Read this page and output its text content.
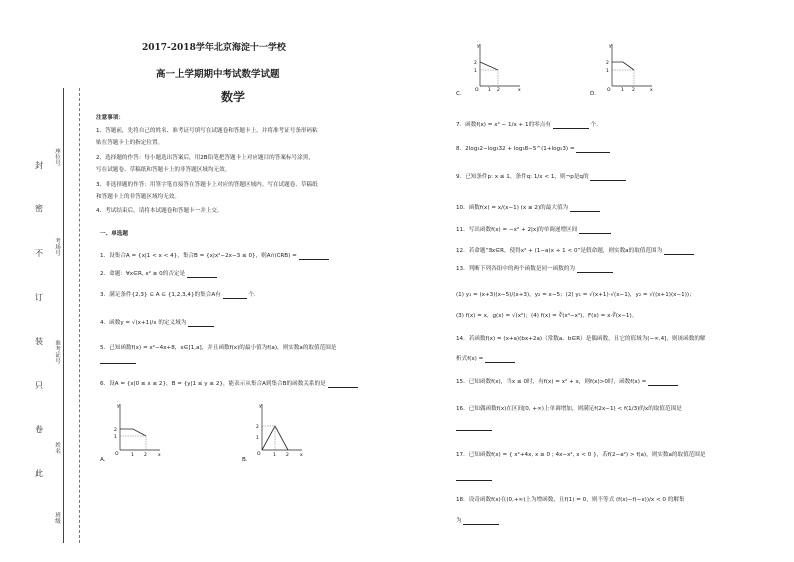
封
密
不
订
装
只
卷
此
座位号
考场号
准考证号
姓名
班级
2017-2018学年北京海淀十一学校
高一上学期期中考试数学试题
数学
注意事项：
1、答题前，先将自己的姓名、准考证号填写在试题卷和答题卡上，并将准考证号条形码粘
贴在答题卡上的指定位置。
2、选择题的作答：每小题选出答案后，用2B铅笔把答题卡上对应题目的答案标号涂黑，
写在试题卷、草稿纸和答题卡上的非答题区域均无效。
3、非选择题的作答：用签字笔直接答在答题卡上对应的答题区域内。写在试题卷、草稿纸
和答题卡上的非答题区域均无效。
4、考试结束后，请将本试题卷和答题卡一并上交。
一、单选题
1．设集合A = {x|1 < x < 4}，集合B = {x|x²−2x−3 ≤ 0}，则A∩(∁RB) =
2．命题：∀x∈R, x² ≥ 0的否定是
3．满足条件{2,3} ⊆ A ⊆ {1,2,3,4}的集合A有	个.
4．函数y = √(x+1)/x 的定义域为
5．已知函数f(x) = x²−4x+8，x∈[1,a]，并且函数f(x)的最小值为f(a)，则实数a的取值范围是
6．设A = {x|0 ≤ x ≤ 2}，B = {y|1 ≤ y ≤ 2}，能表示从集合A到集合B的函数关系的是
y
x
O	1 2
1
2
A.
y
x
O	1 2
1
2
B.
y
x
O 1 2
1
2
C.
y
x
O 1 2
1
2
D.
7．函数f(x) = x³ − 1/x + 1的零点有	个.
8．2log₃2−log₃32 + log₃8−5^(1+log₅3) =
9．已知条件p: x ≤ 1，条件q: 1/x < 1，则¬p是q的
10．函数f(x) = x/(x−1) (x ≥ 2)的最大值为
11．写出函数f(x) = −x² + 2|x|的单调递增区间
12．若命题“∃x∈R，使得x² + (1−a)x + 1 < 0”是假命题，则实数a的取值范围为
13．判断下列各组中的两个函数是同一函数的为
(1) y₁ = (x+3)(x−5)/(x+3)，y₂ = x−5；(2) y₁ = √(x+1)·√(x−1)，y₂ = √((x+1)(x−1))；
(3) f(x) = x，g(x) = √(x²)；(4) f(x) = ∛(x⁴−x³)，F(x) = x·∛(x−1)。
14．若函数f(x) = (x+a)(bx+2a)（常数a、b∈R）是偶函数，且它的值域为(−∞,4]，则该函数的解
析式f(x) =
15．已知函数f(x)，当x ≤ 0时，有f(x) = x² + x，则f(x)>0时，函数f(x) =
16．已知偶函数f(x)在区间[0, +∞)上单调增加，则满足f(2x−1) < f(1/3)的x的取值范围是
17．已知函数f(x) = { x²+4x, x ≥ 0 ; 4x−x², x < 0 }，若f(2−a²) > f(a)，则实数a的取值范围是
18．设奇函数f(x)在(0,+∞)上为增函数，且f(1) = 0，则不等式 (f(x)−f(−x))/x < 0 的解集
为
